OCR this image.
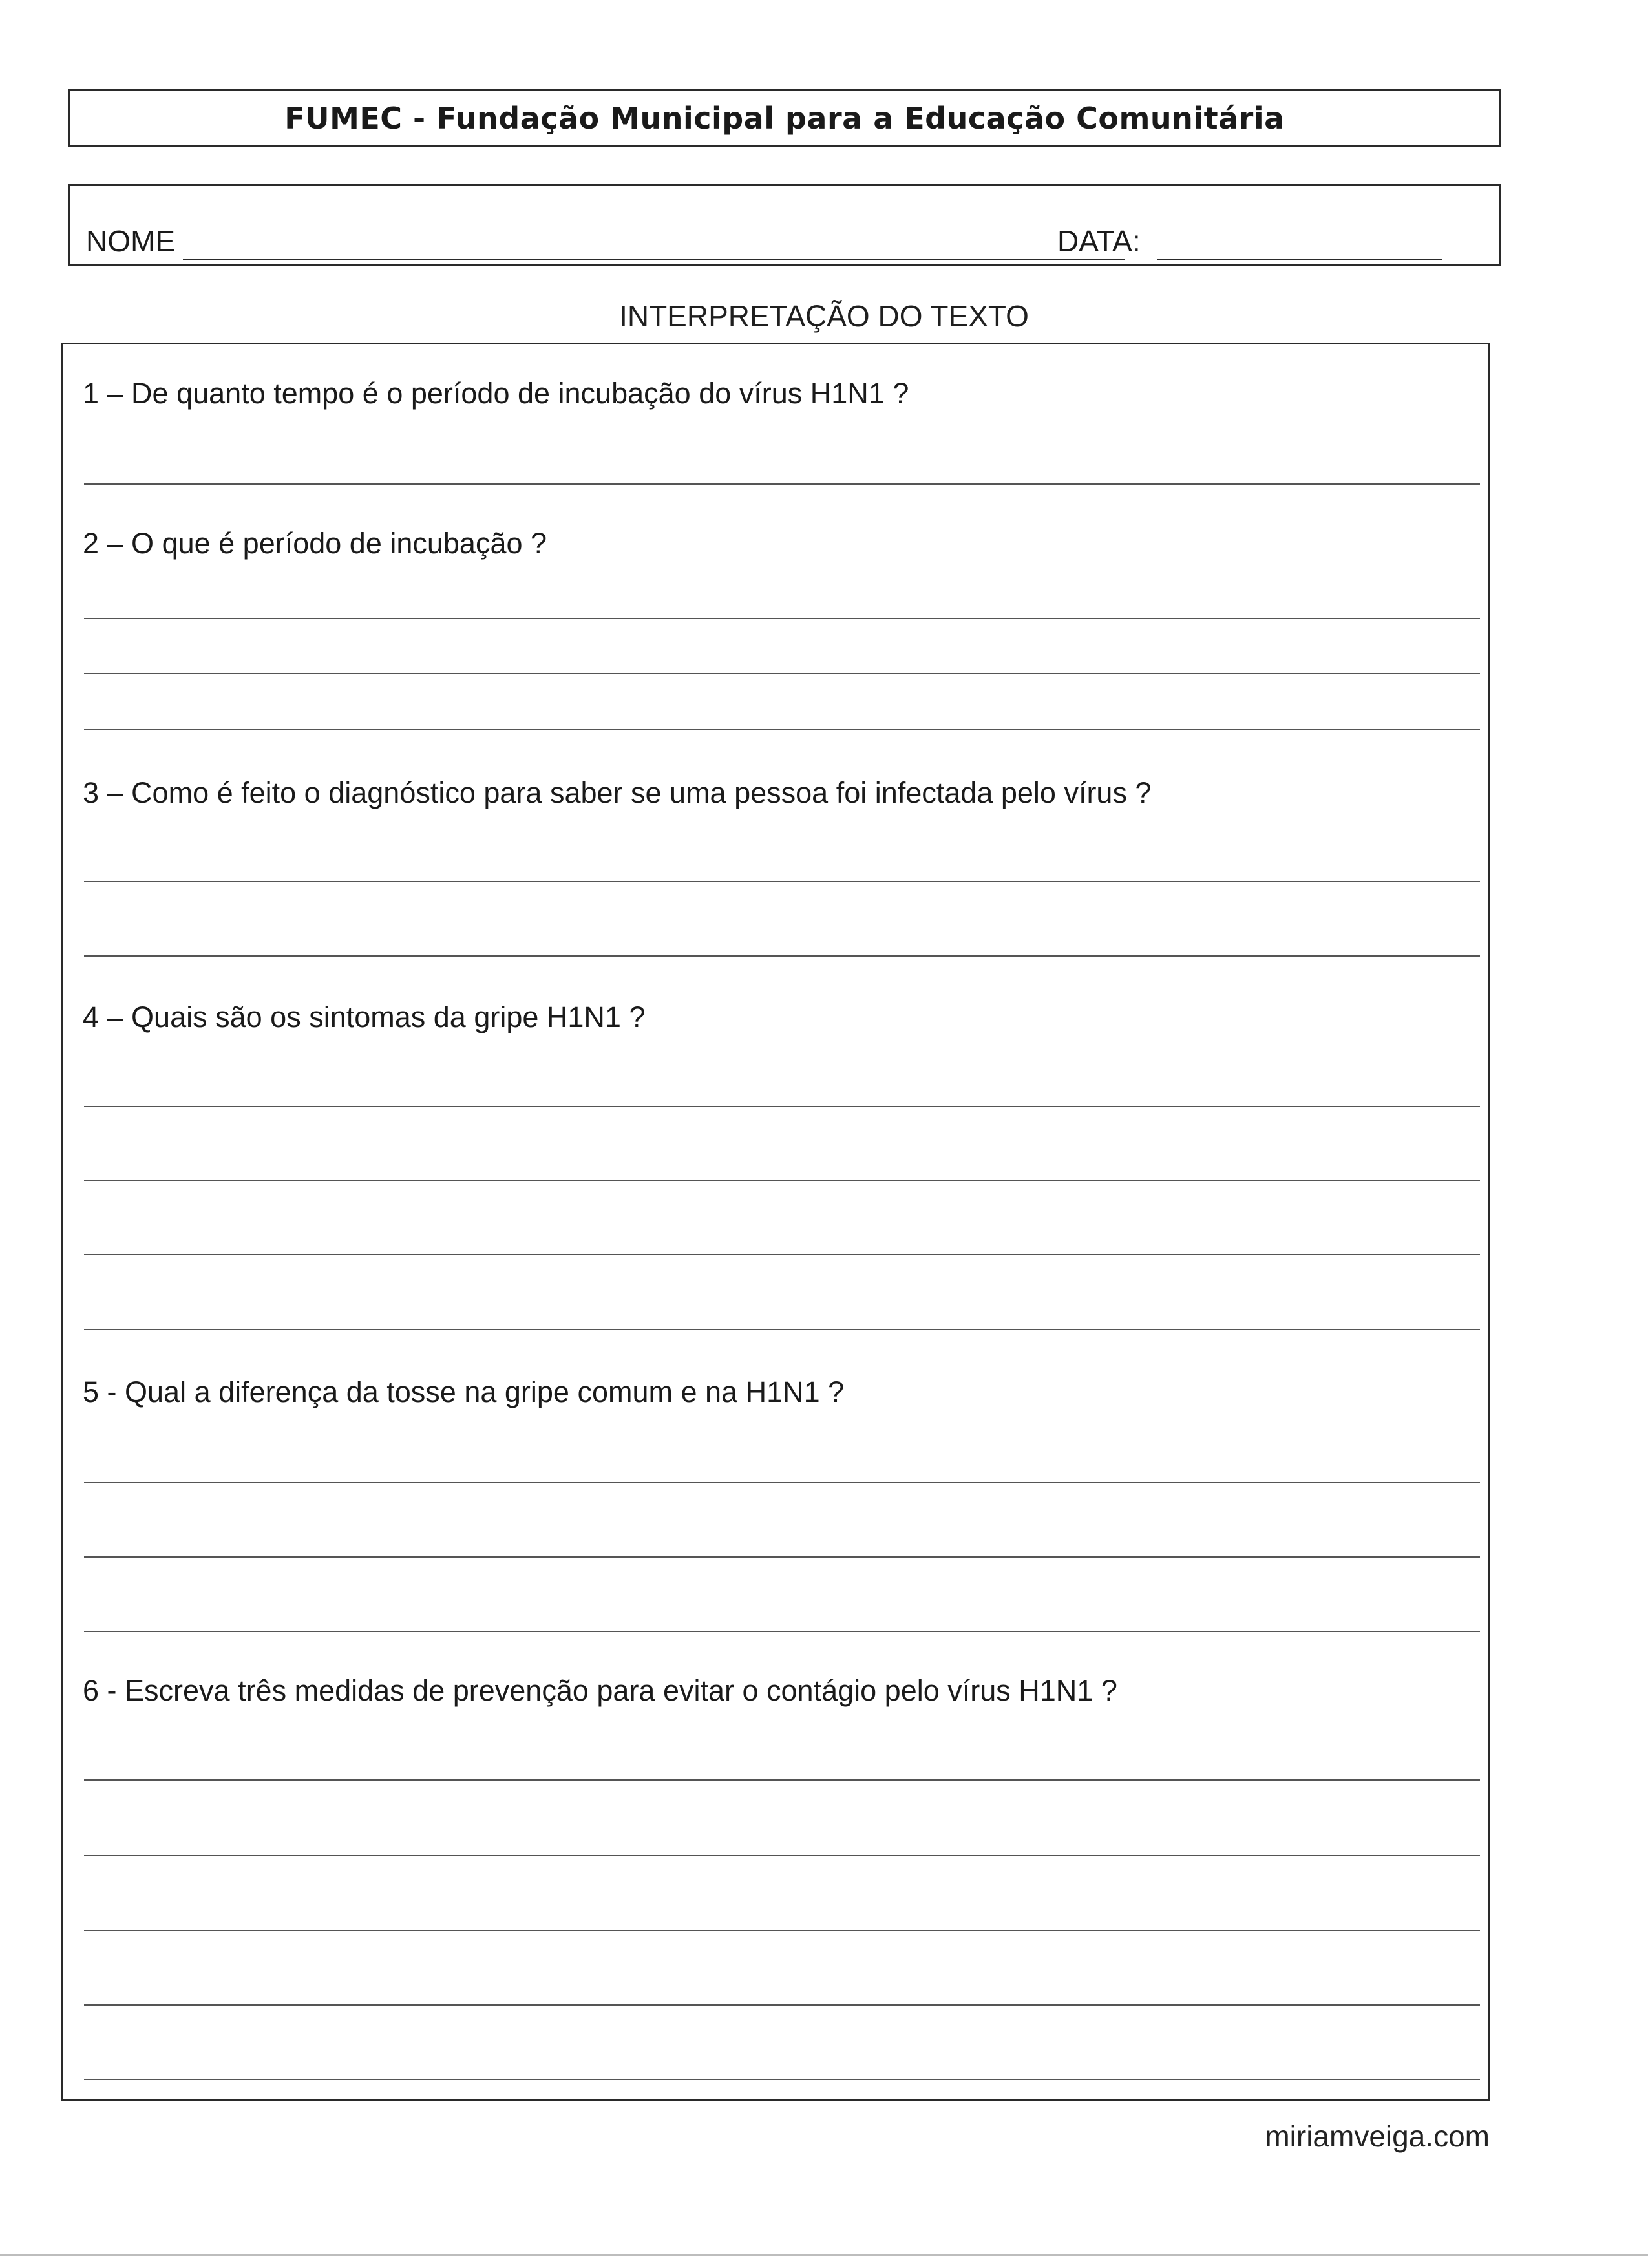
FUMEC - Fundação Municipal para a Educação Comunitária
NOME	DATA:
INTERPRETAÇÃO DO TEXTO
1 – De quanto tempo é o período de incubação do vírus H1N1 ?
2 – O que é período de incubação ?
3 – Como é feito o diagnóstico para saber se uma pessoa foi infectada pelo vírus ?
4 – Quais são os sintomas da gripe H1N1 ?
5 - Qual a diferença da tosse na gripe comum e na H1N1 ?
6 - Escreva três medidas de prevenção para evitar o contágio pelo vírus H1N1 ?
miriamveiga.com
